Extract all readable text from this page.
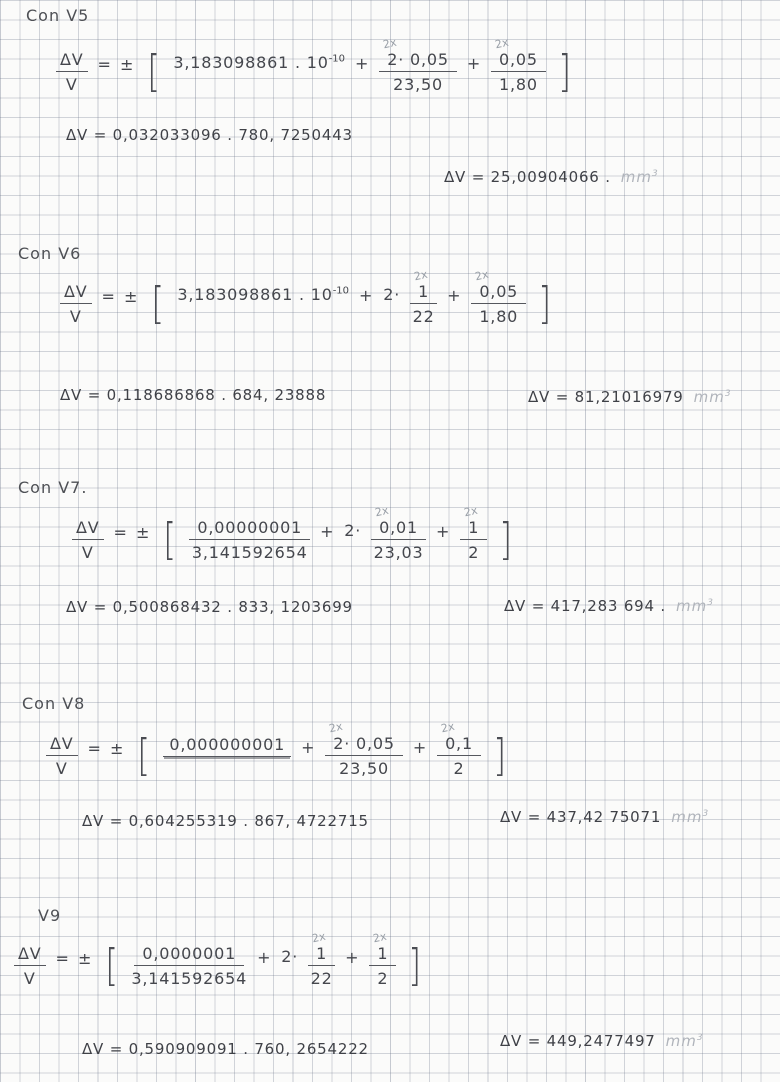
Con V5
$\frac{\Delta V}{V}$ = ± [ 3,183098861 . $10^{-10}$ +
2x
2· 0,05
23,50
+
2x
0,05
1,80 ]
ΔV = 0,032033096 . 780, 7250443
ΔV = 25,00904066 . $mm^3$
Con V6
$\frac{\Delta V}{V}$ = ± [ 3,183098861 . $10^{-10} + 2\cdot$
2x
1
22
+
2x
0,05
1,80 ]
ΔV = 0,118686868 . 684, 23888	ΔV = 81,21016979 $mm^3$
Con V7.
$\frac{\Delta V}{V}$ = ± [ $\frac{0,00000001}{3,141592654} + 2\cdot$
2x
0,01
23,03
+
2x
1
2 ]
ΔV = 0,500868432 . 833, 1203699	ΔV = 417,283 694 . $mm^3$
Con V8
$\frac{\Delta V}{V}$ = ± [	0,000000001	+
2x
2· 0,05
23,50
+
2x
0,1
2 ]
ΔV = 0,604255319 . 867, 4722715	ΔV = 437,42 75071 $mm^3$
V9
$\frac{\Delta V}{V}$ = ± [ $\frac{0,0000001}{3,141592654} + 2\cdot$
2x
1
22
+
2x
1
2 ]
ΔV = 0,590909091 . 760, 2654222	ΔV = 449,2477497 $mm^3$
